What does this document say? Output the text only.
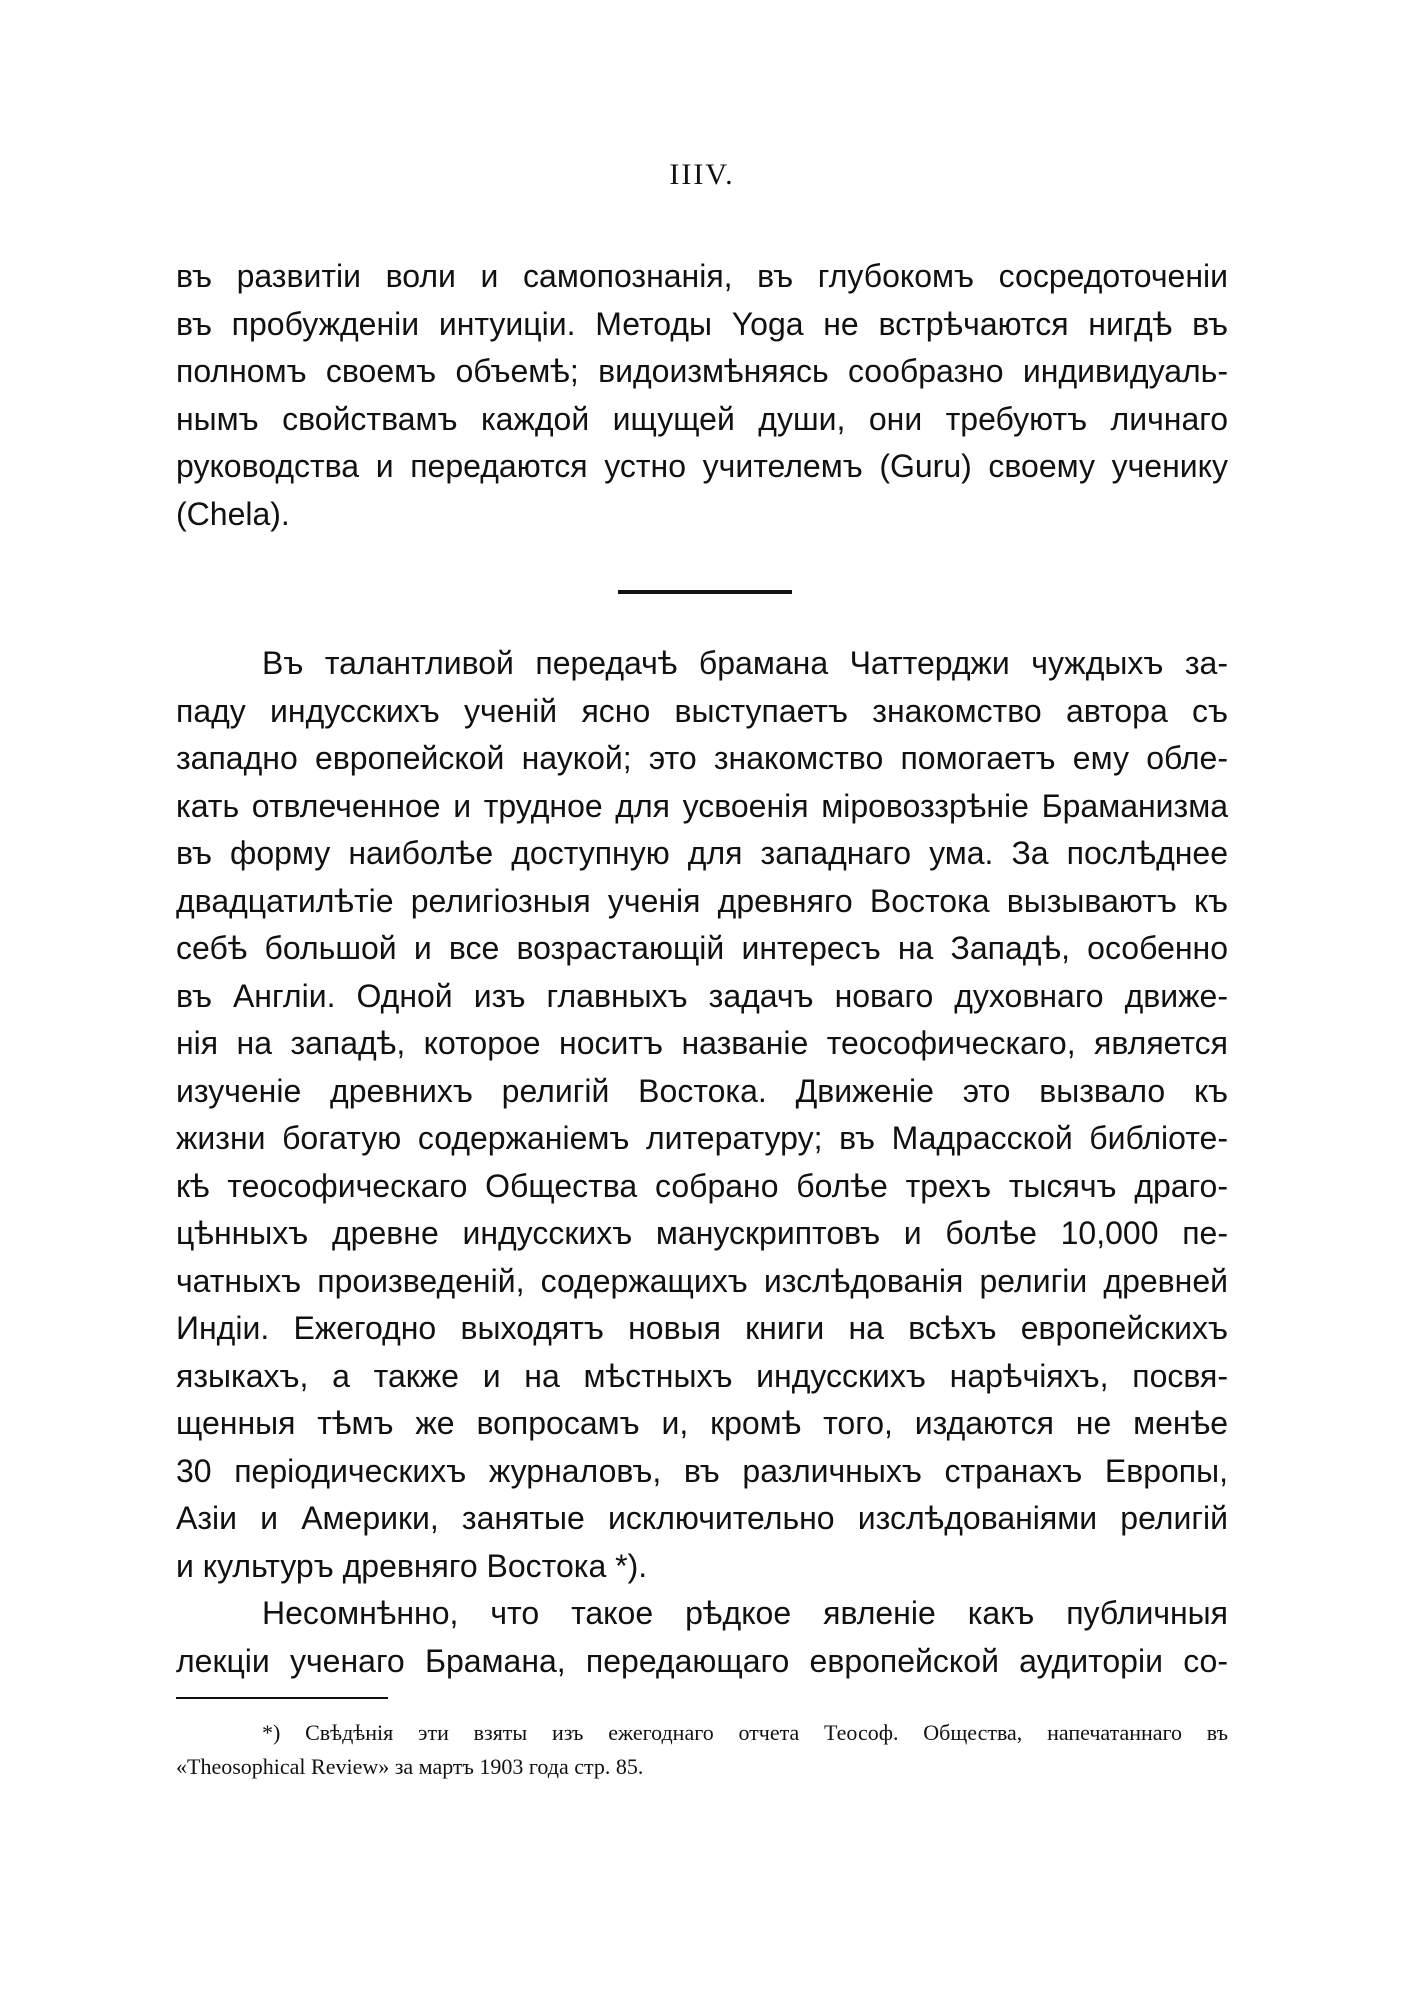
IIIV.
въ развитіи воли и самопознанія, въ глубокомъ сосредоточеніи
въ пробужденіи интуиціи. Методы Yoga не встрѣчаются нигдѣ въ
полномъ своемъ объемѣ; видоизмѣняясь сообразно индивидуаль-
нымъ свойствамъ каждой ищущей души, они требуютъ личнаго
руководства и передаются устно учителемъ (Guru) своему ученику
(Chela).
Въ талантливой передачѣ брамана Чаттерджи чуждыхъ за-
паду индусскихъ ученій ясно выступаетъ знакомство автора съ
западно европейской наукой; это знакомство помогаетъ ему обле-
кать отвлеченное и трудное для усвоенія міровоззрѣніе Браманизма
въ форму наиболѣе доступную для западнаго ума. За послѣднее
двадцатилѣтіе религіозныя ученія древняго Востока вызываютъ къ
себѣ большой и все возрастающій интересъ на Западѣ, особенно
въ Англіи. Одной изъ главныхъ задачъ новаго духовнаго движе-
нія на западѣ, которое носитъ названіе теософическаго, является
изученіе древнихъ религій Востока. Движеніе это вызвало къ
жизни богатую содержаніемъ литературу; въ Мадрасской библіоте-
кѣ теософическаго Общества собрано болѣе трехъ тысячъ драго-
цѣнныхъ древне индусскихъ манускриптовъ и болѣе 10,000 пе-
чатныхъ произведеній, содержащихъ изслѣдованія религіи древней
Индіи. Ежегодно выходятъ новыя книги на всѣхъ европейскихъ
языкахъ, а также и на мѣстныхъ индусскихъ нарѣчіяхъ, посвя-
щенныя тѣмъ же вопросамъ и, кромѣ того, издаются не менѣе
30 періодическихъ журналовъ, въ различныхъ странахъ Европы,
Азіи и Америки, занятые исключительно изслѣдованіями религій
и культуръ древняго Востока *).
Несомнѣнно, что такое рѣдкое явленіе какъ публичныя
лекціи ученаго Брамана, передающаго европейской аудиторіи со-
*) Свѣдѣнія эти взяты изъ ежегоднаго отчета Теософ. Общества, напечатаннаго въ
«Theosophical Review» за мартъ 1903 года стр. 85.
